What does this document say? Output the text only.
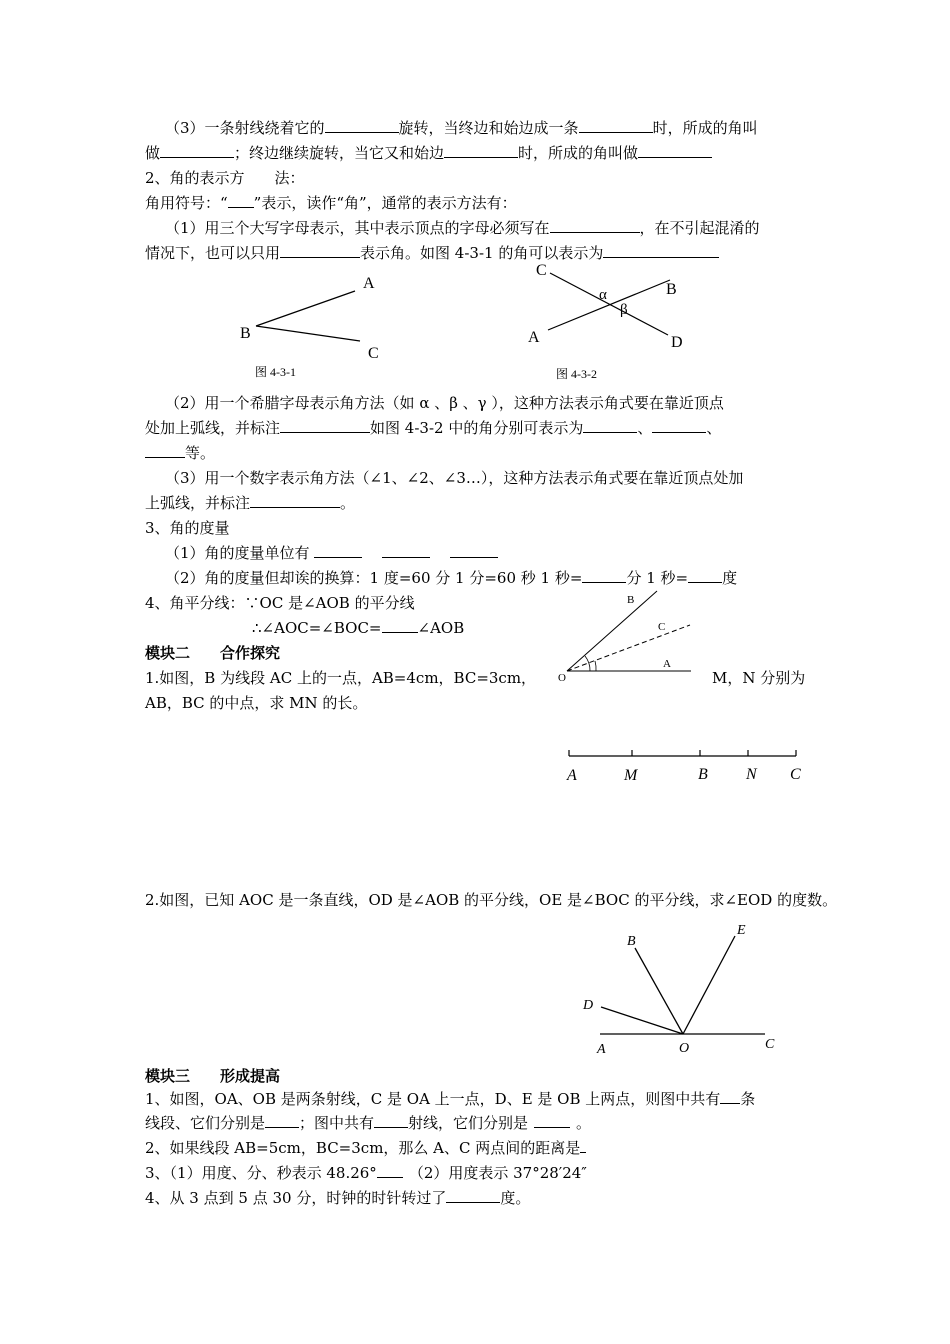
（3）一条射线绕着它的	旋转，当终边和始边成一条	时，所成的角叫
做	；终边继续旋转，当它又和始边	时，所成的角叫做
2、角的表示方　　法：
角用符号：“ ”表示，读作“角”，通常的表示方法有：
（1）用三个大写字母表示，其中表示顶点的字母必须写在	，在不引起混淆的
情况下，也可以只用	表示角。如图 4-3-1 的角可以表示为
A
B
C
图 4-3-1
C
B
A	D
α
β
图 4-3-2
（2）用一个希腊字母表示角方法（如 α 、β 、γ ），这种方法表示角式要在靠近顶点
处加上弧线，并标注	如图 4-3-2 中的角分别可表示为	、	、
等。
（3）用一个数字表示角方法（∠1、∠2、∠3…），这种方法表示角式要在靠近顶点处加
上弧线，并标注	。
3、角的度量
（1）角的度量单位有
（2）角的度量但却诶的换算：1 度=60 分 1 分=60 秒 1 秒=	分 1 秒= 度
4、角平分线：∵OC 是∠AOB 的平分线
∴∠AOC=∠BOC= ∠AOB
O
B
C
A
模块二　　合作探究
1.如图，B 为线段 AC 上的一点，AB=4cm，BC=3cm，	M，N 分别为
AB，BC 的中点，求 MN 的长。
A	M	B N C
2.如图，已知 AOC 是一条直线，OD 是∠AOB 的平分线，OE 是∠BOC 的平分线，求∠EOD 的度数。
B
E
D
A	O	C
模块三　　形成提高
1、如图，OA、OB 是两条射线，C 是 OA 上一点，D、E 是 OB 上两点，则图中共有 条
线段、它们分别是 ；图中共有 射线，它们分别是	。
2、如果线段 AB=5cm，BC=3cm，那么 A、C 两点间的距离是
3、（1）用度、分、秒表示 48.26° （2）用度表示 37°28′24″
4、从 3 点到 5 点 30 分，时钟的时针转过了	度。
